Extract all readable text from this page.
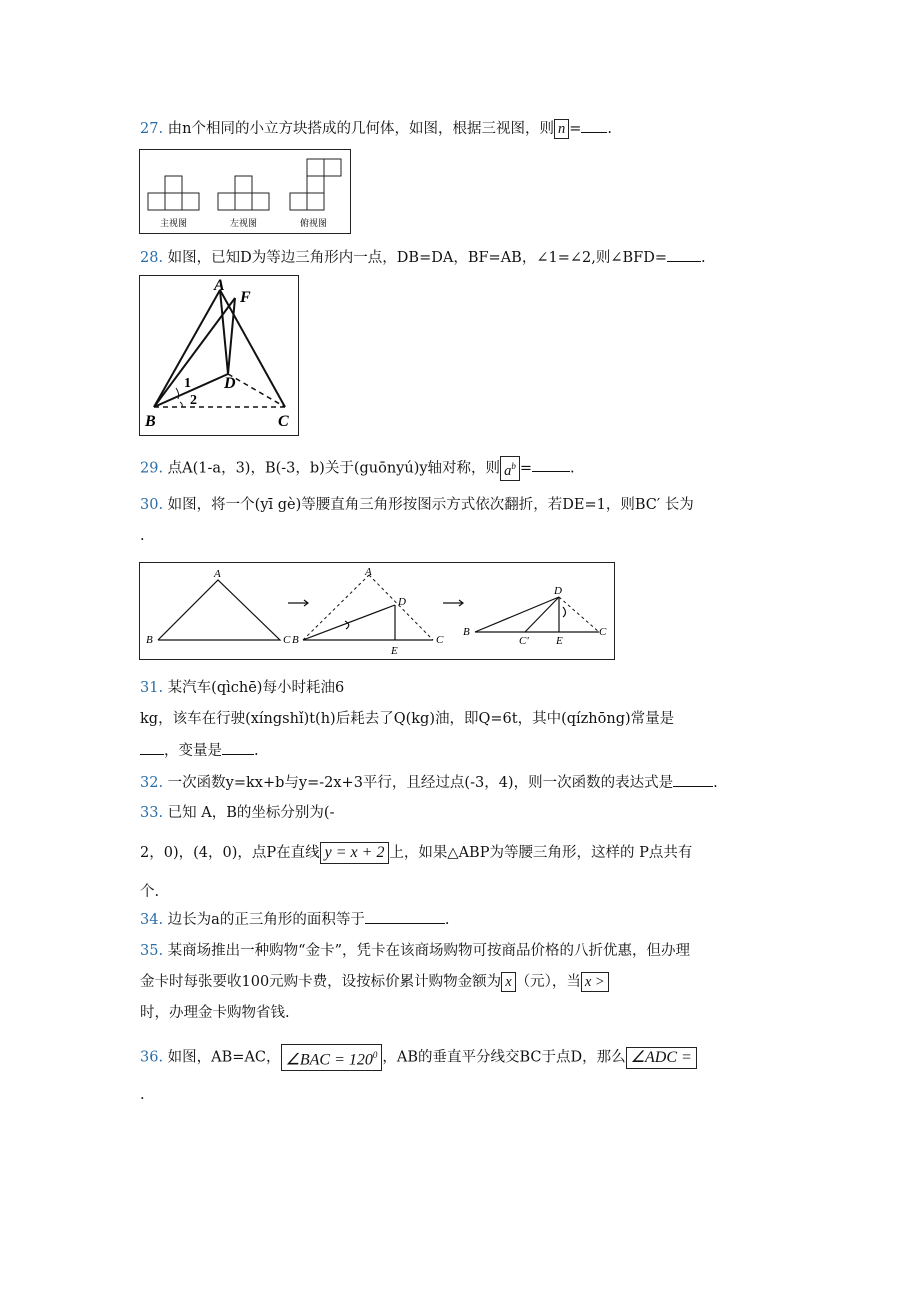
27. 由n个相同的小立方块搭成的几何体，如图，根据三视图，则 n = .
主视图	左视图	俯视图
28. 如图，已知D为等边三角形内一点，DB=DA，BF=AB，∠1=∠2,则∠BFD= .
A
F
D
B	C
1
2
29. 点A(1-a，3)，B(-3，b)关于(guōnyú)y轴对称，则 $a^b$ =	.
30. 如图，将一个(yī gè)等腰直角三角形按图示方式依次翻折，若DE=1，则BC′ 长为
.
A
B	C
A
D
B	C
E
D
B
C' E
C
31. 某汽车(qìchē)每小时耗油6
kg，该车在行驶(xíngshǐ)t(h)后耗去了Q(kg)油，即Q=6t，其中(qízhōng)常量是
，变量是 .
32. 一次函数y=kx+b与y=-2x+3平行，且经过点(-3，4)，则一次函数的表达式是	.
33. 已知 A，B的坐标分别为(-
2，0)，(4，0)，点P在直线 y = x + 2 上，如果△ABP为等腰三角形，这样的 P点共有
个.
34. 边长为a的正三角形的面积等于	.
35. 某商场推出一种购物“金卡”，凭卡在该商场购物可按商品价格的八折优惠，但办理
金卡时每张要收100元购卡费，设按标价累计购物金额为 x （元），当 x >
时，办理金卡购物省钱.
36. 如图，AB=AC， ∠BAC = $120^0$ ，AB的垂直平分线交BC于点D，那么 ∠ADC =
.
